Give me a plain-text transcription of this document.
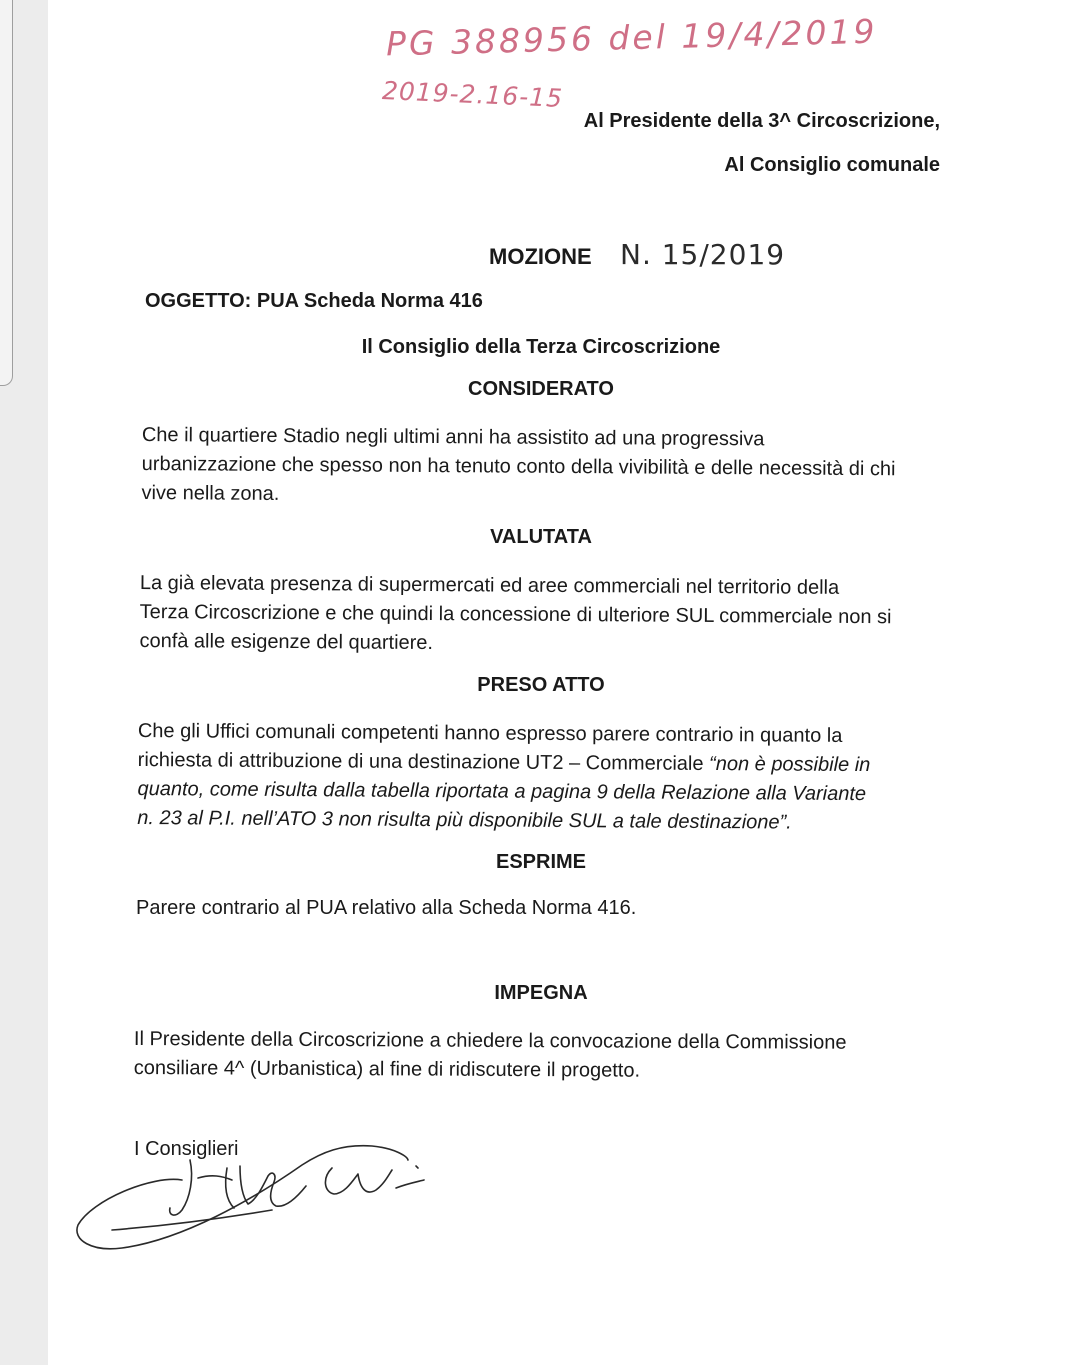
PG 388956 del 19/4/2019
2019-2.16-15
Al Presidente della 3^ Circoscrizione,
Al Consiglio comunale
MOZIONE N. 15/2019
OGGETTO: PUA Scheda Norma 416
Il Consiglio della Terza Circoscrizione
CONSIDERATO
Che il quartiere Stadio negli ultimi anni ha assistito ad una progressiva
urbanizzazione che spesso non ha tenuto conto della vivibilità e delle necessità di chi
vive nella zona.
VALUTATA
La già elevata presenza di supermercati ed aree commerciali nel territorio della
Terza Circoscrizione e che quindi la concessione di ulteriore SUL commerciale non si
confà alle esigenze del quartiere.
PRESO ATTO
Che gli Uffici comunali competenti hanno espresso parere contrario in quanto la
richiesta di attribuzione di una destinazione UT2 – Commerciale “non è possibile in
quanto, come risulta dalla tabella riportata a pagina 9 della Relazione alla Variante
n. 23 al P.I. nell’ATO 3 non risulta più disponibile SUL a tale destinazione”.
ESPRIME
Parere contrario al PUA relativo alla Scheda Norma 416.
IMPEGNA
Il Presidente della Circoscrizione a chiedere la convocazione della Commissione
consiliare 4^ (Urbanistica) al fine di ridiscutere il progetto.
I Consiglieri
